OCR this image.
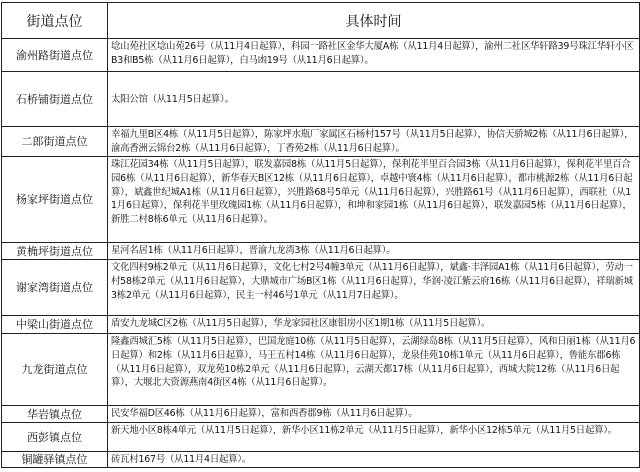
街道点位	具体时间
渝州路街道点位	埝山苑社区埝山苑26号（从11月4日起算），科园一路社区金华大厦A栋（从11月4日起算），渝州二社区华轩路39号珠江华轩小区B3和B5栋（从11月6日起算），白马凼19号（从11月6日起算）。
石桥铺街道点位	太阳公馆（从11月5日起算）。
二郎街道点位	幸福九里B区4栋（从11月5日起算），陈家坪水瓶厂家属区石杨村157号（从11月5日起算），协信天骄城2栋（从11月6日起算），渝高香洲云锦台2栋（从11月6日起算），丁香苑2栋（从11月6日起算）。
杨家坪街道点位	珠江花园34栋（从11月5日起算），联发嘉园8栋（从11月5日起算），保利花半里百合园3栋（从11月6日起算），保利花半里百合园6栋（从11月6日起算），新华春天B区12栋（从11月6日起算），卓越中寰4栋（从11月6日起算），都市桃源2栋（从11月6日起算），斌鑫世纪城A1栋（从11月6日起算），兴胜路68号5单元（从11月6日起算），兴胜路61号（从11月6日起算），西联社（从11月6日起算），保利花半里玫瑰园1栋（从11月6日起算），和坤和家园1栋（从11月6日起算），联发嘉园5栋（从11月6日起算），新胜二村8栋6单元（从11月6日起算）。
黄桷坪街道点位	星河名居1栋（从11月6日起算），晋渝九龙湾3栋（从11月6日起算）。
谢家湾街道点位	文化四村9栋2单元（从11月6日起算），文化七村2号4幢3单元（从11月6日起算），斌鑫·丰泽园A1栋（从11月6日起算），劳动一村58栋2单元（从11月6日起算），大鼎城市广场B区1栋（从11月6日起算），华润·凌江紫云府16栋（从11月6日起算），祥瑞新城3栋2单元（从11月6日起算），民主一村46号1单元（从11月7日起算）。
中梁山街道点位	盾安九龙城C区2栋（从11月5日起算），华龙家园社区康钼房小区1期1栋（从11月5日起算）。
九龙街道点位	隆鑫西城汇5栋（从11月5日起算），巴国龙庭10栋（从11月5日起算），云湖绿岛8栋（从11月5日起算），风和日丽1栋（从11月6日起算）和2栋（从11月6日起算），马王五村14栋（从11月6日起算），龙泉佳苑10栋1单元（从11月6日起算），鲁能东郡6栋（从11月6日起算），双龙苑10栋2单元（从11月6日起算），云湖天都17栋（从11月6日起算），西城大院12栋（从11月6日起算），大堰北大资源燕南4街区4栋（从11月6日起算）。
华岩镇点位	民安华福D区46栋（从11月6日起算），富和西香郡9栋（从11月6日起算）。
西彭镇点位	新天地小区8栋4单元（从11月5日起算），新华小区11栋2单元（从11月5日起算），新华小区12栋5单元（从11月5日起算）。
铜罐驿镇点位	砖瓦村167号（从11月4日起算）。
